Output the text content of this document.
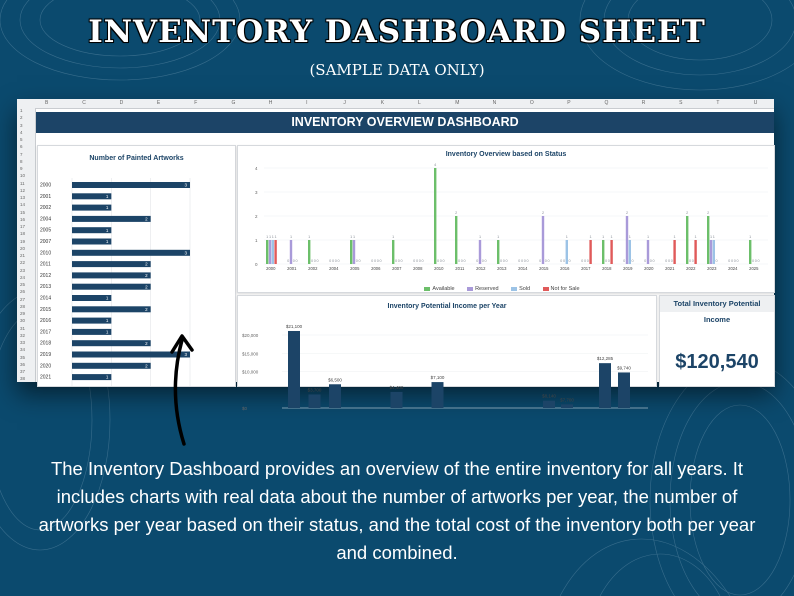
INVENTORY DASHBOARD SHEET
(SAMPLE DATA ONLY)
B	C	D	E	F	G	H	I	J	K	L	M	N	O	P	Q	R	S	T	U
1
2
3
4
5
6
7
8
9
10
11
12
13
14
15
16
17
18
19
20
21
22
23
24
25
26
27
28
29
30
31
32
33
34
35
36
37
38
INVENTORY OVERVIEW DASHBOARD
Number of Painted Artworks
2000	3
2001	1
2002	1
2004	2
2005	1
2007	1
2010	3
2011	2
2012	2
2013	2
2014	1
2015	2
2016	1
2017	1
2018	2
2019	3
2020	2
2021	1
Inventory Overview based on Status
0
1
2
3
4
2000
1 1 1 1
2001
0
1
0 0
2002
1
0 0 0
2004
0 0 0 0
2005
1 1
0 0
2006
0 0 0 0
2007
1
0 0 0
2008
0 0 0 0
2010
4
0 0 0
2011
2
0 0 0
2012
0
1
0 0
2013
1
0 0 0
2014
0 0 0 0
2015
0
2
0 0
2016
0 0
1
0
2017
0 0 0
1
2018
1
0 0
1
2019
0
2
1
0
2020
0
1
0 0
2021
0 0 0
1
2022
2
0 0
1
2023
2
1 1
0
2024
0 0 0 0
2025
1
0 0 0
Available	Reserved	Sold	Not for Sale
Inventory Potential Income per Year
$0
$10,000
$15,000
$20,000
$21,100
$3,700
$6,500
$4,400
$7,100
$8,140
$7,700
$12,285
$9,740
Total Inventory Potential Income
$120,540
The Inventory Dashboard provides an overview of the entire inventory for all years. It includes charts with real data about the number of artworks per year, the number of artworks per year based on their status, and the total cost of the inventory both per year and combined.
